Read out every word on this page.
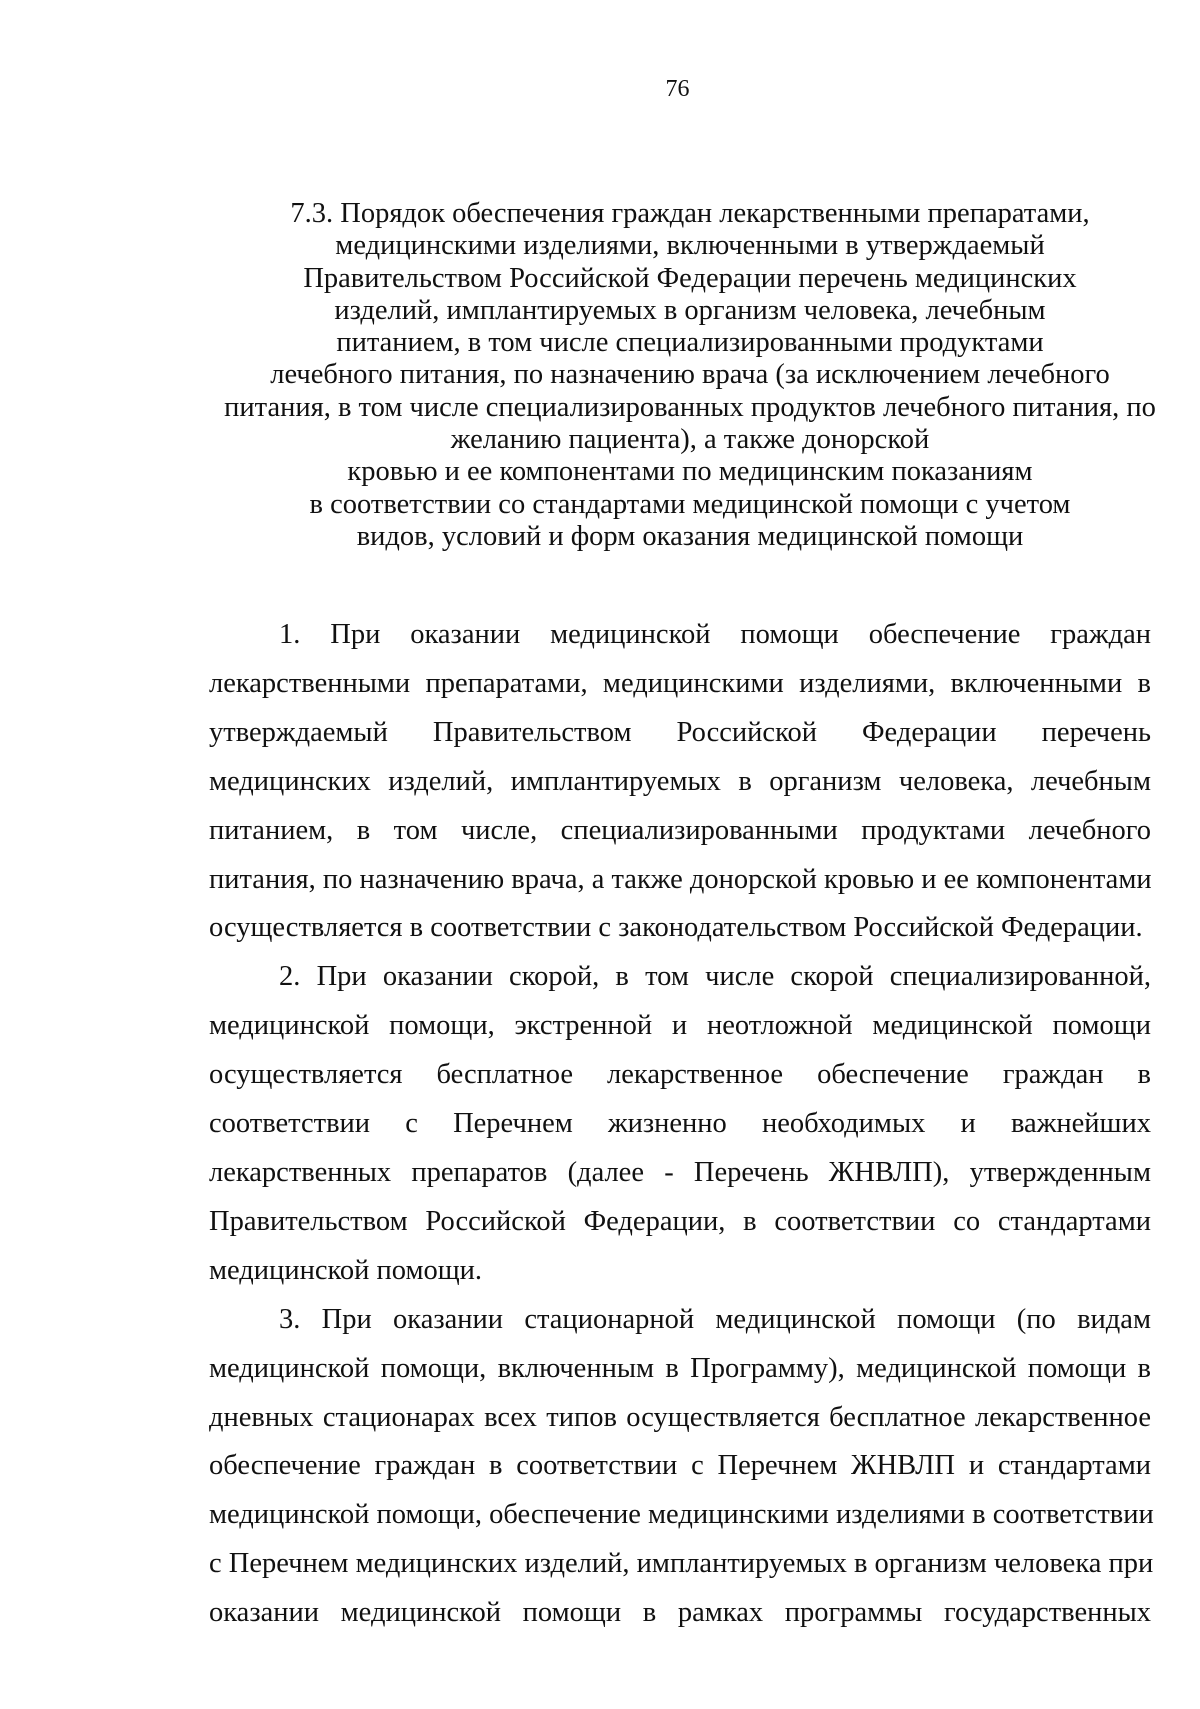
76
7.3. Порядок обеспечения граждан лекарственными препаратами,
медицинскими изделиями, включенными в утверждаемый
Правительством Российской Федерации перечень медицинских
изделий, имплантируемых в организм человека, лечебным
питанием, в том числе специализированными продуктами
лечебного питания, по назначению врача (за исключением лечебного
питания, в том числе специализированных продуктов лечебного питания, по
желанию пациента), а также донорской
кровью и ее компонентами по медицинским показаниям
в соответствии со стандартами медицинской помощи с учетом
видов, условий и форм оказания медицинской помощи
1. При оказании медицинской помощи обеспечение граждан
лекарственными препаратами, медицинскими изделиями, включенными в
утверждаемый Правительством Российской Федерации перечень
медицинских изделий, имплантируемых в организм человека, лечебным
питанием, в том числе, специализированными продуктами лечебного
питания, по назначению врача, а также донорской кровью и ее компонентами
осуществляется в соответствии с законодательством Российской Федерации.
2. При оказании скорой, в том числе скорой специализированной,
медицинской помощи, экстренной и неотложной медицинской помощи
осуществляется бесплатное лекарственное обеспечение граждан в
соответствии с Перечнем жизненно необходимых и важнейших
лекарственных препаратов (далее - Перечень ЖНВЛП), утвержденным
Правительством Российской Федерации, в соответствии со стандартами
медицинской помощи.
3. При оказании стационарной медицинской помощи (по видам
медицинской помощи, включенным в Программу), медицинской помощи в
дневных стационарах всех типов осуществляется бесплатное лекарственное
обеспечение граждан в соответствии с Перечнем ЖНВЛП и стандартами
медицинской помощи, обеспечение медицинскими изделиями в соответствии
с Перечнем медицинских изделий, имплантируемых в организм человека при
оказании медицинской помощи в рамках программы государственных
